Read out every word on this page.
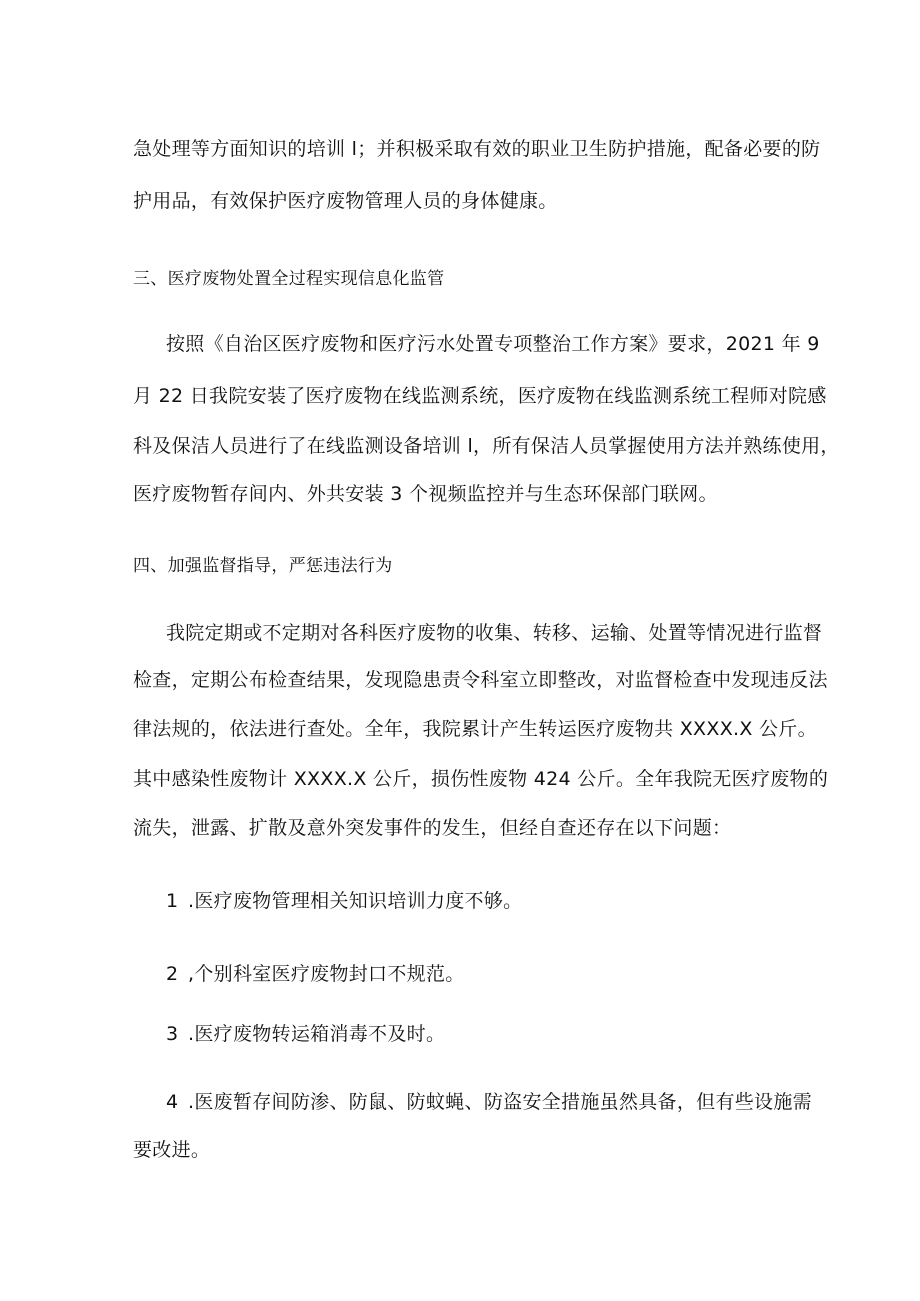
急处理等方面知识的培训 l；并积极采取有效的职业卫生防护措施，配备必要的防
护用品，有效保护医疗废物管理人员的身体健康。
三、医疗废物处置全过程实现信息化监管
按照《自治区医疗废物和医疗污水处置专项整治工作方案》要求，2021 年 9
月 22 日我院安装了医疗废物在线监测系统，医疗废物在线监测系统工程师对院感
科及保洁人员进行了在线监测设备培训 l，所有保洁人员掌握使用方法并熟练使用，
医疗废物暂存间内、外共安装 3 个视频监控并与生态环保部门联网。
四、加强监督指导，严惩违法行为
我院定期或不定期对各科医疗废物的收集、转移、运输、处置等情况进行监督
检查，定期公布检查结果，发现隐患责令科室立即整改，对监督检查中发现违反法
律法规的，依法进行查处。全年，我院累计产生转运医疗废物共 XXXX.X 公斤。
其中感染性废物计 XXXX.X 公斤，损伤性废物 424 公斤。全年我院无医疗废物的
流失，泄露、扩散及意外突发事件的发生，但经自查还存在以下问题：
1 .医疗废物管理相关知识培训力度不够。
2 ,个别科室医疗废物封口不规范。
3 .医疗废物转运箱消毒不及时。
4 .医废暂存间防渗、防鼠、防蚊蝇、防盗安全措施虽然具备，但有些设施需
要改进。
